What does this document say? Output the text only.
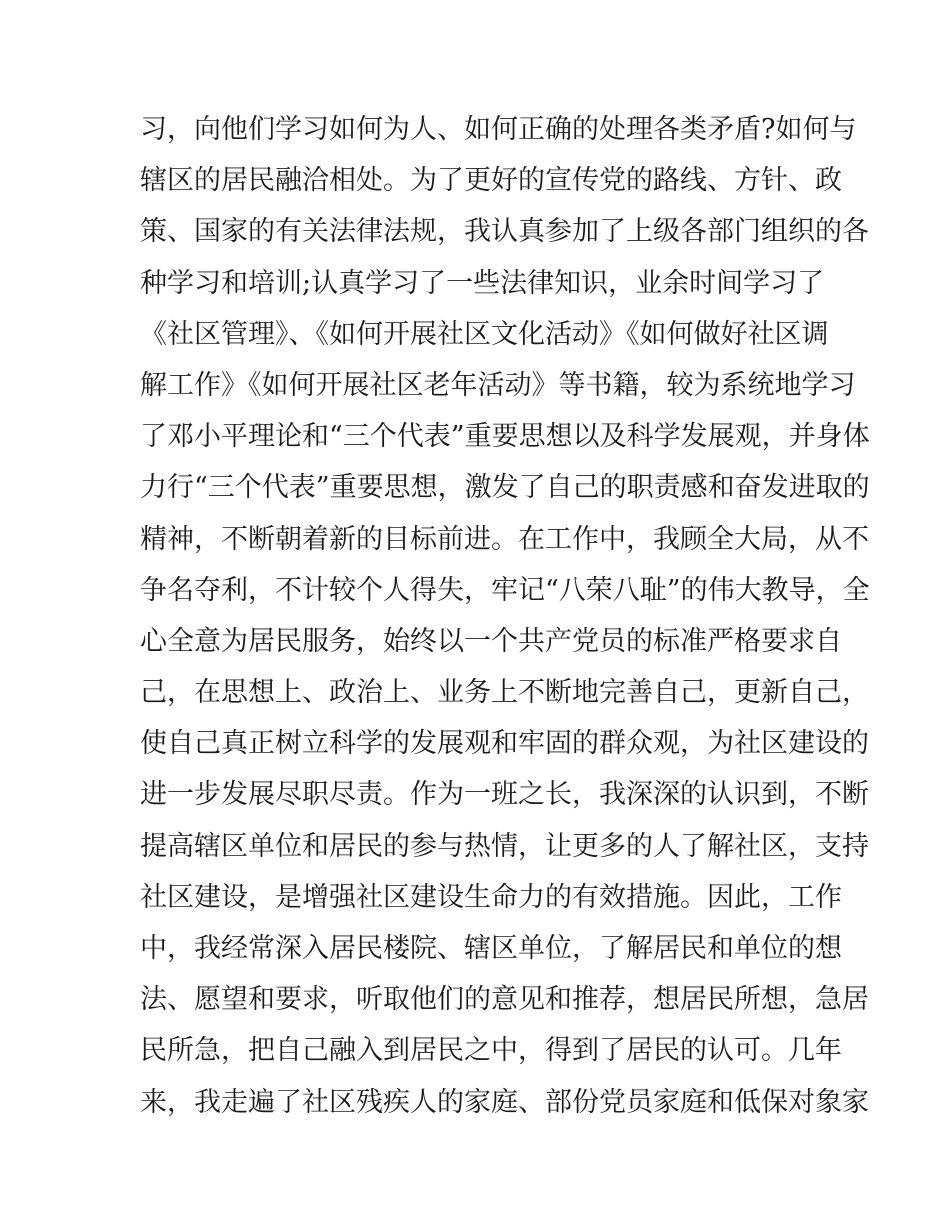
习，向他们学习如何为人、如何正确的处理各类矛盾?如何与
辖区的居民融洽相处。为了更好的宣传党的路线、方针、政
策、国家的有关法律法规，我认真参加了上级各部门组织的各
种学习和培训;认真学习了一些法律知识，业余时间学习了
《社区管理》、《如何开展社区文化活动》《如何做好社区调
解工作》《如何开展社区老年活动》等书籍，较为系统地学习
了邓小平理论和“三个代表”重要思想以及科学发展观，并身体
力行“三个代表”重要思想，激发了自己的职责感和奋发进取的
精神，不断朝着新的目标前进。在工作中，我顾全大局，从不
争名夺利，不计较个人得失，牢记“八荣八耻”的伟大教导，全
心全意为居民服务，始终以一个共产党员的标准严格要求自
己，在思想上、政治上、业务上不断地完善自己，更新自己，
使自己真正树立科学的发展观和牢固的群众观，为社区建设的
进一步发展尽职尽责。作为一班之长，我深深的认识到，不断
提高辖区单位和居民的参与热情，让更多的人了解社区，支持
社区建设，是增强社区建设生命力的有效措施。因此，工作
中，我经常深入居民楼院、辖区单位，了解居民和单位的想
法、愿望和要求，听取他们的意见和推荐，想居民所想，急居
民所急，把自己融入到居民之中，得到了居民的认可。几年
来，我走遍了社区残疾人的家庭、部份党员家庭和低保对象家
